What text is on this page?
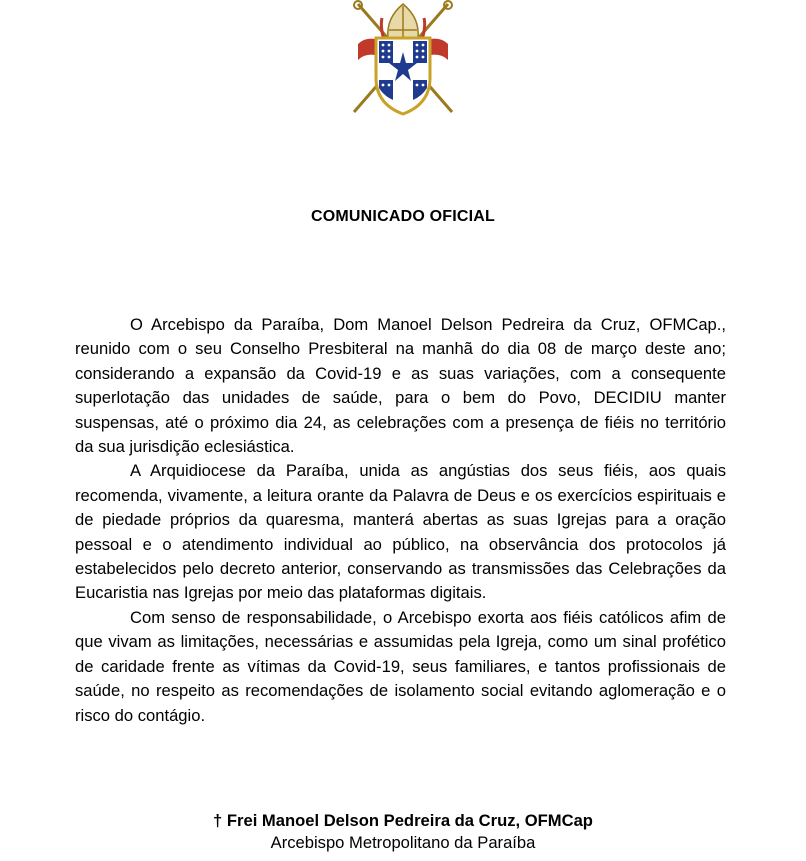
COMUNICADO OFICIAL

O Arcebispo da Paraíba, Dom Manoel Delson Pedreira da Cruz, OFMCap., reunido com o seu Conselho Presbiteral na manhã do dia 08 de março deste ano; considerando a expansão da Covid-19 e as suas variações, com a consequente superlotação das unidades de saúde, para o bem do Povo, DECIDIU manter suspensas, até o próximo dia 24, as celebrações com a presença de fiéis no território da sua jurisdição eclesiástica.

A Arquidiocese da Paraíba, unida as angústias dos seus fiéis, aos quais recomenda, vivamente, a leitura orante da Palavra de Deus e os exercícios espirituais e de piedade próprios da quaresma, manterá abertas as suas Igrejas para a oração pessoal e o atendimento individual ao público, na observância dos protocolos já estabelecidos pelo decreto anterior, conservando as transmissões das Celebrações da Eucaristia nas Igrejas por meio das plataformas digitais.

Com senso de responsabilidade, o Arcebispo exorta aos fiéis católicos afim de que vivam as limitações, necessárias e assumidas pela Igreja, como um sinal profético de caridade frente as vítimas da Covid-19, seus familiares, e tantos profissionais de saúde, no respeito as recomendações de isolamento social evitando aglomeração e o risco do contágio.

† Frei Manoel Delson Pedreira da Cruz, OFMCap
Arcebispo Metropolitano da Paraíba
